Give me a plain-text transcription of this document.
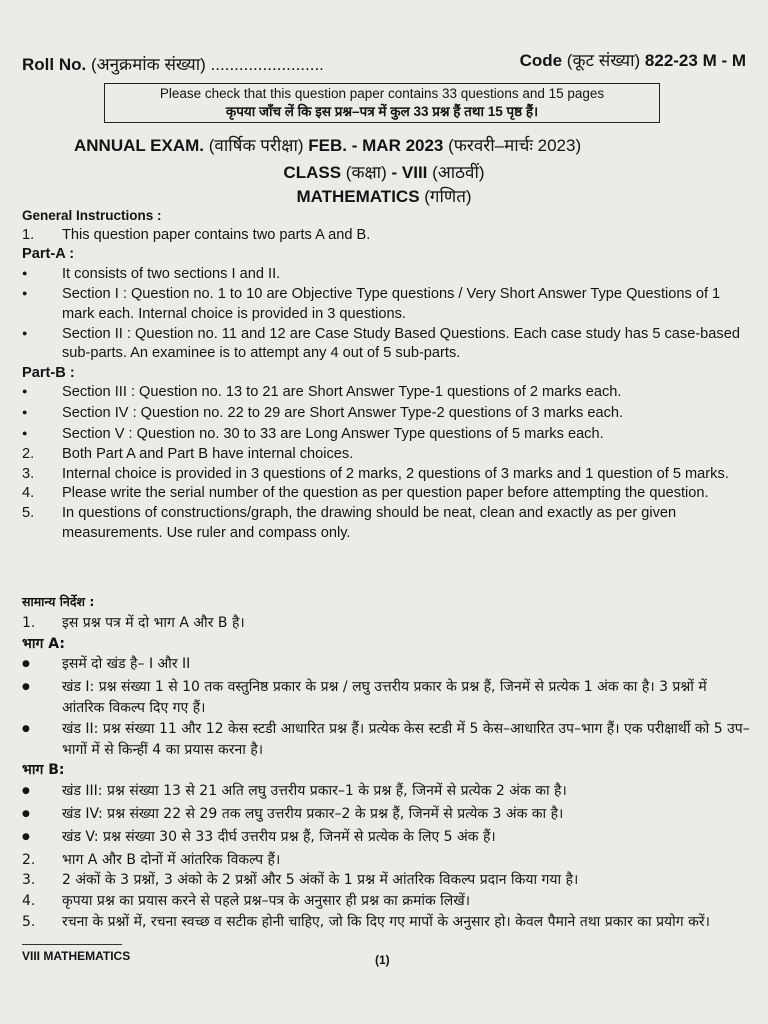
Roll No. (अनुक्रमांक संख्या) ........................	Code (कूट संख्या) 822-23 M - M
Please check that this question paper contains 33 questions and 15 pages
कृपया जाँच लें कि इस प्रश्न–पत्र में कुल 33 प्रश्न हैं तथा 15 पृष्ठ हैं।
ANNUAL EXAM. (वार्षिक परीक्षा) FEB. - MAR 2023 (फरवरी–मार्चः 2023)
CLASS (कक्षा) - VIII (आठवीं)
MATHEMATICS (गणित)
General Instructions :
1.	This question paper contains two parts A and B.
Part-A :
●
It consists of two sections I and II.
●
Section I : Question no. 1 to 10 are Objective Type questions / Very Short Answer Type Questions of 1 mark each. Internal choice is provided in 3 questions.
●
Section II : Question no. 11 and 12 are Case Study Based Questions. Each case study has 5 case-based sub-parts. An examinee is to attempt any 4 out of 5 sub-parts.
Part-B :
●
Section III : Question no. 13 to 21 are Short Answer Type-1 questions of 2 marks each.
●
Section IV : Question no. 22 to 29 are Short Answer Type-2 questions of 3 marks each.
●
Section V : Question no. 30 to 33 are Long Answer Type questions of 5 marks each.
2.	Both Part A and Part B have internal choices.
3.	Internal choice is provided in 3 questions of 2 marks, 2 questions of 3 marks and 1 question of 5 marks.
4.	Please write the serial number of the question as per question paper before attempting the question.
5.	In questions of constructions/graph, the drawing should be neat, clean and exactly as per given measurements. Use ruler and compass only.
सामान्य निर्देश :
1.	इस प्रश्न पत्र में दो भाग A और B है।
भाग A:
●
इसमें दो खंड है– I और II
●
खंड I: प्रश्न संख्या 1 से 10 तक वस्तुनिष्ठ प्रकार के प्रश्न / लघु उत्तरीय प्रकार के प्रश्न हैं, जिनमें से प्रत्येक 1 अंक का है। 3 प्रश्नों में आंतरिक विकल्प दिए गए हैं।
●
खंड II: प्रश्न संख्या 11 और 12 केस स्टडी आधारित प्रश्न हैं। प्रत्येक केस स्टडी में 5 केस–आधारित उप–भाग हैं। एक परीक्षार्थी को 5 उप–भागों में से किन्हीं 4 का प्रयास करना है।
भाग B:
●
खंड III: प्रश्न संख्या 13 से 21 अति लघु उत्तरीय प्रकार–1 के प्रश्न हैं, जिनमें से प्रत्येक 2 अंक का है।
●
खंड IV: प्रश्न संख्या 22 से 29 तक लघु उत्तरीय प्रकार–2 के प्रश्न हैं, जिनमें से प्रत्येक 3 अंक का है।
●
खंड V: प्रश्न संख्या 30 से 33 दीर्घ उत्तरीय प्रश्न हैं, जिनमें से प्रत्येक के लिए 5 अंक हैं।
2.	भाग A और B दोनों में आंतरिक विकल्प हैं।
3.	2 अंकों के 3 प्रश्नों, 3 अंको के 2 प्रश्नों और 5 अंकों के 1 प्रश्न में आंतरिक विकल्प प्रदान किया गया है।
4.	कृपया प्रश्न का प्रयास करने से पहले प्रश्न–पत्र के अनुसार ही प्रश्न का क्रमांक लिखें।
5.	रचना के प्रश्नों में, रचना स्वच्छ व सटीक होनी चाहिए, जो कि दिए गए मापों के अनुसार हो। केवल पैमाने तथा प्रकार का प्रयोग करें।
VIII MATHEMATICS	(1)
